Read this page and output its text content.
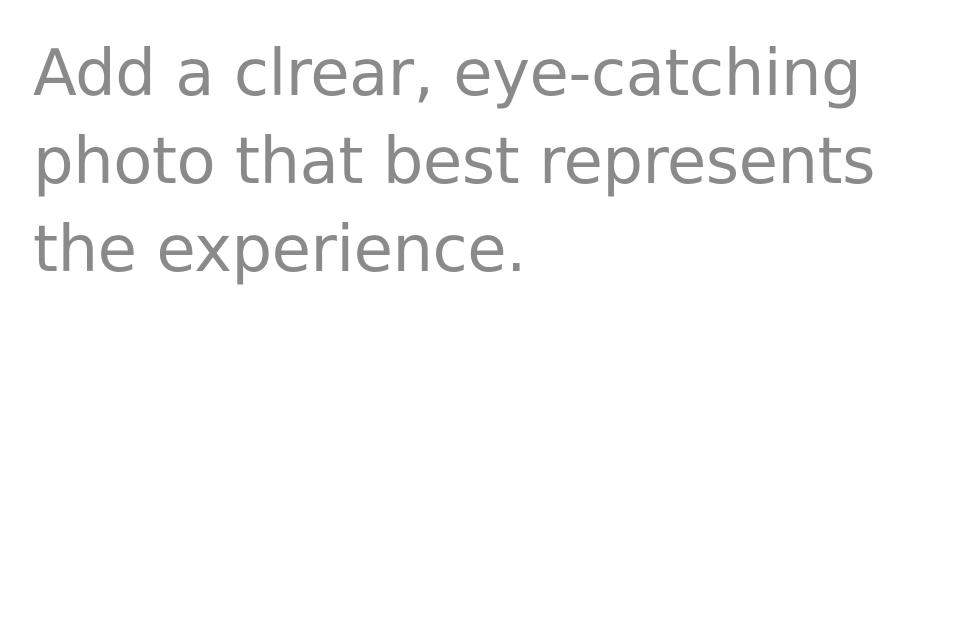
Add a clrear, eye-catching
photo that best represents
the experience.
